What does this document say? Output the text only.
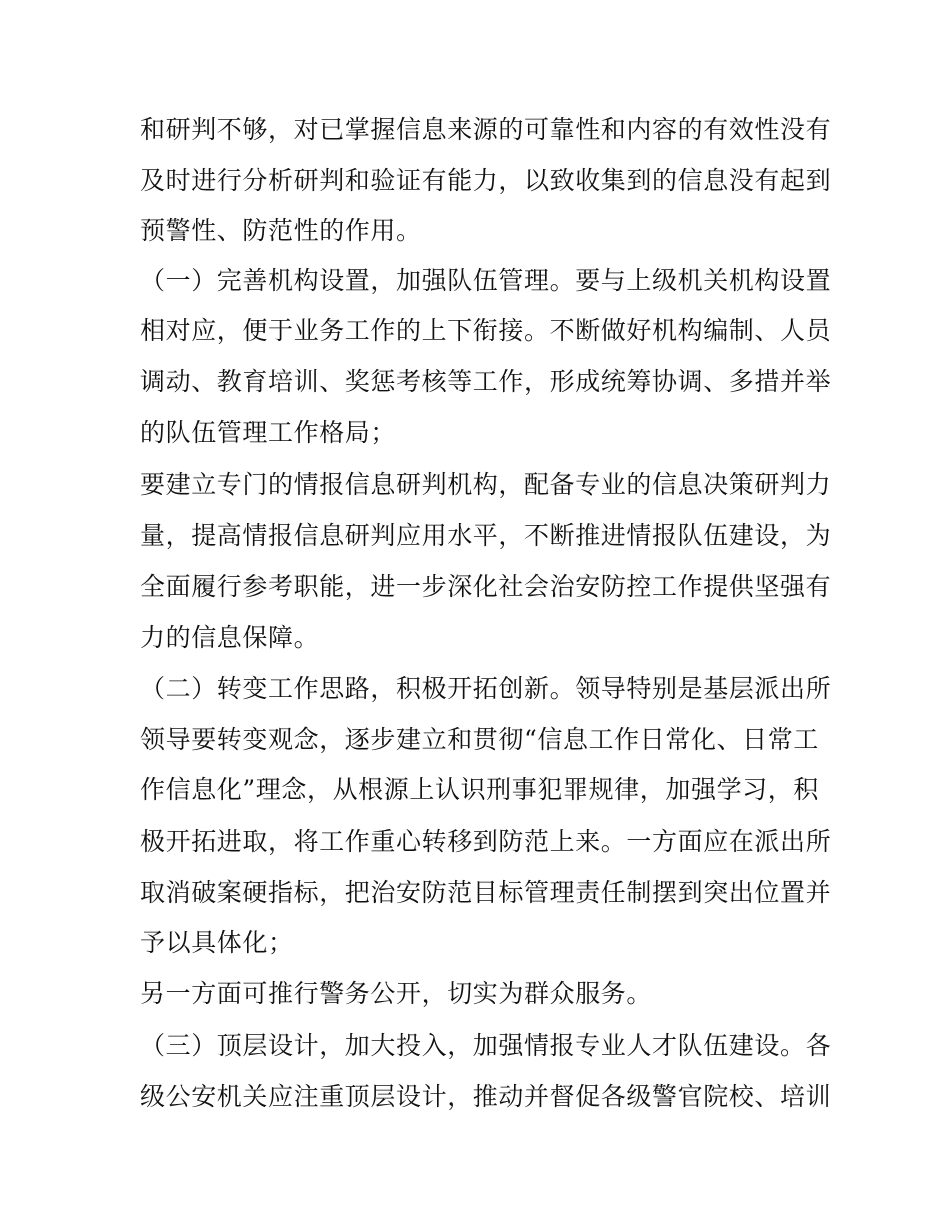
和研判不够，对已掌握信息来源的可靠性和内容的有效性没有
及时进行分析研判和验证有能力，以致收集到的信息没有起到
预警性、防范性的作用。
（一）完善机构设置，加强队伍管理。要与上级机关机构设置
相对应，便于业务工作的上下衔接。不断做好机构编制、人员
调动、教育培训、奖惩考核等工作，形成统筹协调、多措并举
的队伍管理工作格局；
要建立专门的情报信息研判机构，配备专业的信息决策研判力
量，提高情报信息研判应用水平，不断推进情报队伍建设，为
全面履行参考职能，进一步深化社会治安防控工作提供坚强有
力的信息保障。
（二）转变工作思路，积极开拓创新。领导特别是基层派出所
领导要转变观念，逐步建立和贯彻“信息工作日常化、日常工
作信息化”理念，从根源上认识刑事犯罪规律，加强学习，积
极开拓进取，将工作重心转移到防范上来。一方面应在派出所
取消破案硬指标，把治安防范目标管理责任制摆到突出位置并
予以具体化；
另一方面可推行警务公开，切实为群众服务。
（三）顶层设计，加大投入，加强情报专业人才队伍建设。各
级公安机关应注重顶层设计，推动并督促各级警官院校、培训
